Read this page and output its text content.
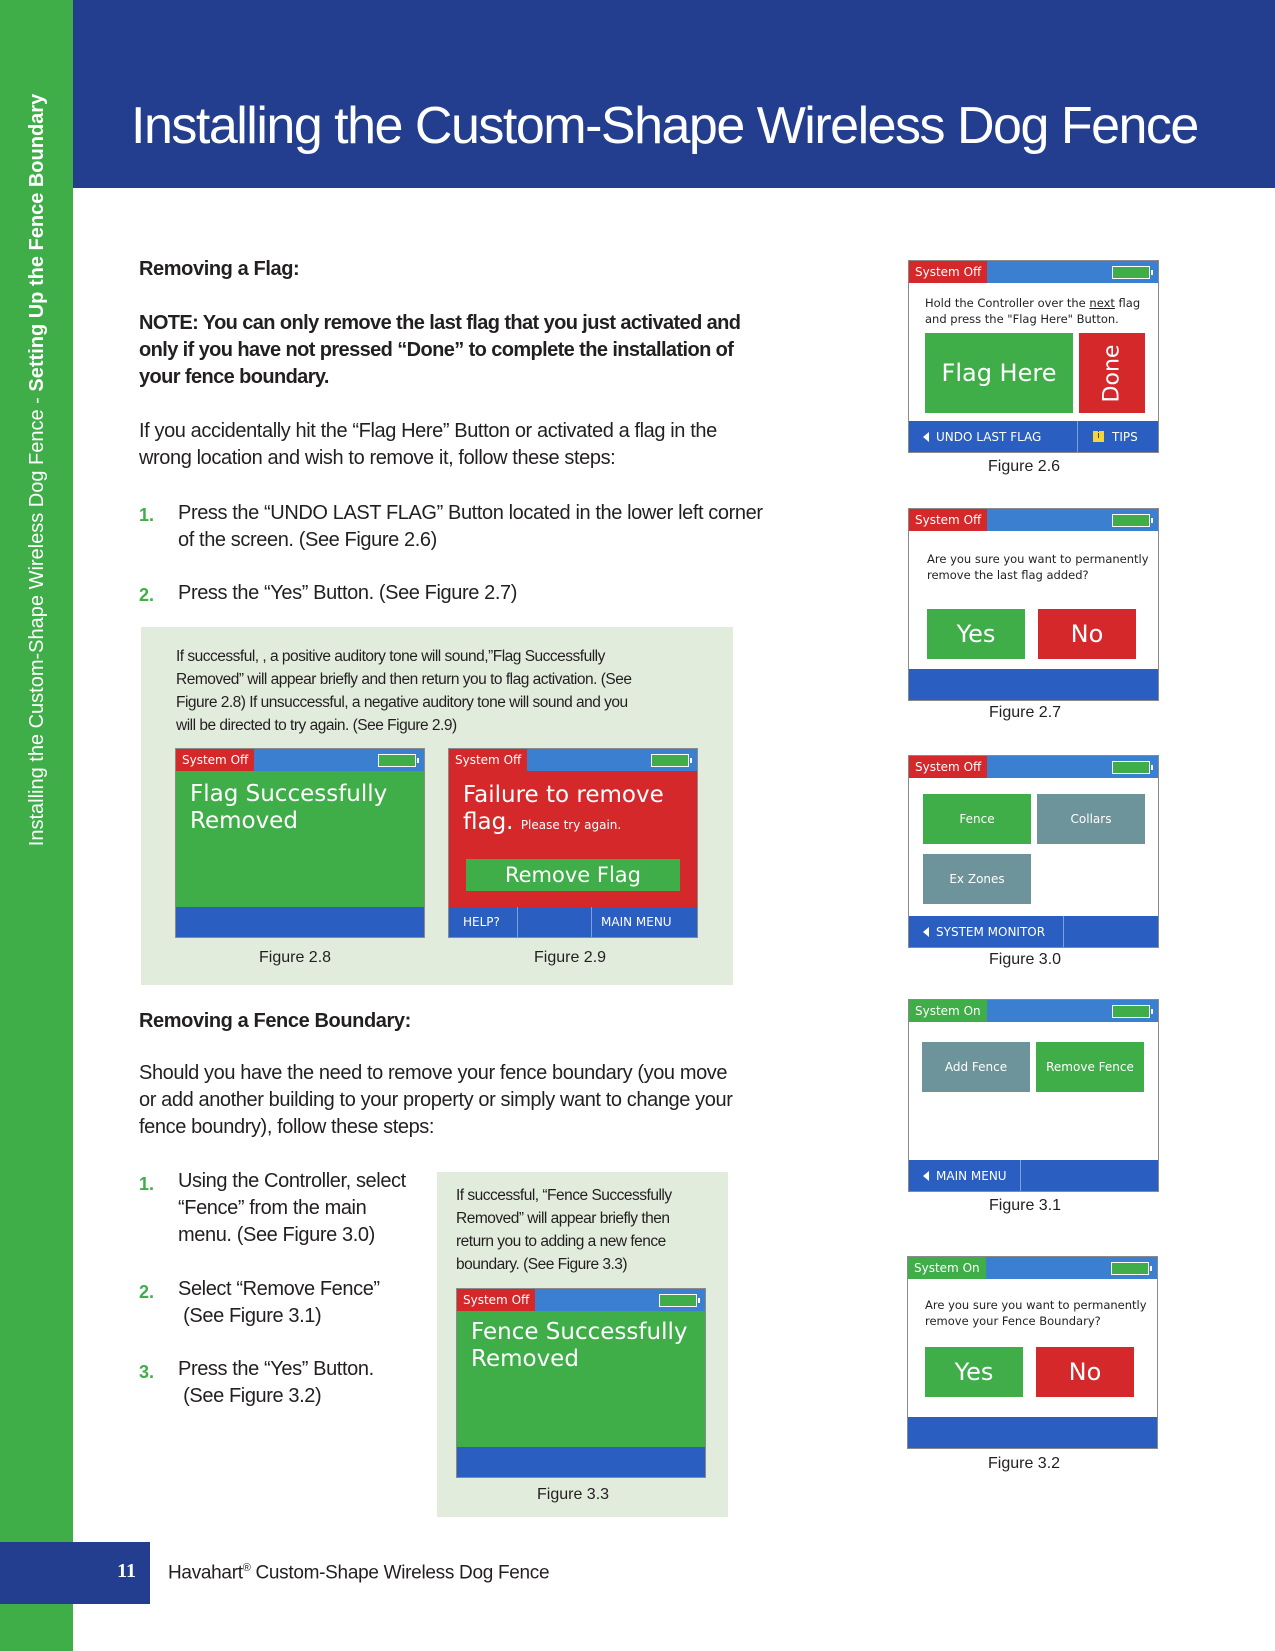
Installing the Custom-Shape Wireless Dog Fence - Setting Up the Fence Boundary Installing the Custom-Shape Wireless Dog Fence
Removing a Flag:
NOTE: You can only remove the last flag that you just activated and
only if you have not pressed “Done” to complete the installation of
your fence boundary.
If you accidentally hit the “Flag Here” Button or activated a flag in the
wrong location and wish to remove it, follow these steps:
1. Press the “UNDO LAST FLAG” Button located in the lower left corner
of the screen. (See Figure 2.6)
2. Press the “Yes” Button. (See Figure 2.7)
If successful, , a positive auditory tone will sound,”Flag Successfully
Removed” will appear briefly and then return you to flag activation. (See
Figure 2.8) If unsuccessful, a negative auditory tone will sound and you
will be directed to try again. (See Figure 2.9)
System Off
Flag Successfully
Removed
System Off
Failure to remove
flag. Please try again.
Remove Flag
HELP?	MAIN MENU
Figure 2.8	Figure 2.9
Removing a Fence Boundary:
Should you have the need to remove your fence boundary (you move
or add another building to your property or simply want to change your
fence boundry), follow these steps:
1. Using the Controller, select
“Fence” from the main
menu. (See Figure 3.0)
2. Select “Remove Fence”
(See Figure 3.1)
3. Press the “Yes” Button.
(See Figure 3.2)
If successful, “Fence Successfully
Removed” will appear briefly then
return you to adding a new fence
boundary. (See Figure 3.3)
System Off
Fence Successfully
Removed
Figure 3.3
System Off
Hold the Controller over the next flag
and press the "Flag Here" Button.
Flag Here	Done
UNDO LAST FLAG	i	TIPS
Figure 2.6
System Off
Are you sure you want to permanently
remove the last flag added?
Yes	No
Figure 2.7
System Off
Fence	Collars
Ex Zones
SYSTEM MONITOR
Figure 3.0
System On
Add Fence	Remove Fence
MAIN MENU
Figure 3.1
System On
Are you sure you want to permanently
remove your Fence Boundary?
Yes	No
Figure 3.2
11 Havahart® Custom-Shape Wireless Dog Fence
